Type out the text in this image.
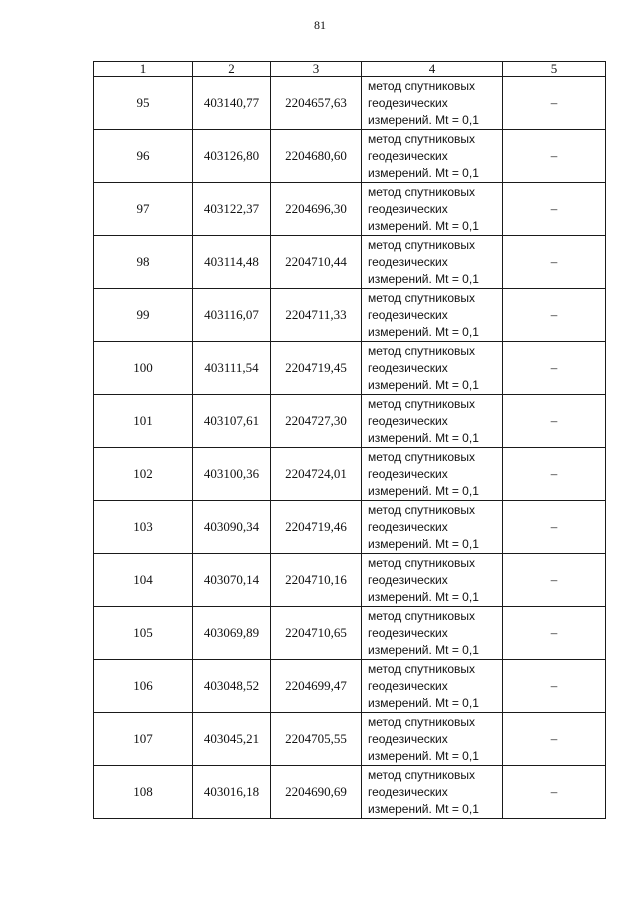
81
1	2	3	4	5
95	403140,77	2204657,63	метод спутниковых
геодезических
измерений. Mt = 0,1	–
96	403126,80	2204680,60	метод спутниковых
геодезических
измерений. Mt = 0,1	–
97	403122,37	2204696,30	метод спутниковых
геодезических
измерений. Mt = 0,1	–
98	403114,48	2204710,44	метод спутниковых
геодезических
измерений. Mt = 0,1	–
99	403116,07	2204711,33	метод спутниковых
геодезических
измерений. Mt = 0,1	–
100	403111,54	2204719,45	метод спутниковых
геодезических
измерений. Mt = 0,1	–
101	403107,61	2204727,30	метод спутниковых
геодезических
измерений. Mt = 0,1	–
102	403100,36	2204724,01	метод спутниковых
геодезических
измерений. Mt = 0,1	–
103	403090,34	2204719,46	метод спутниковых
геодезических
измерений. Mt = 0,1	–
104	403070,14	2204710,16	метод спутниковых
геодезических
измерений. Mt = 0,1	–
105	403069,89	2204710,65	метод спутниковых
геодезических
измерений. Mt = 0,1	–
106	403048,52	2204699,47	метод спутниковых
геодезических
измерений. Mt = 0,1	–
107	403045,21	2204705,55	метод спутниковых
геодезических
измерений. Mt = 0,1	–
108	403016,18	2204690,69	метод спутниковых
геодезических
измерений. Mt = 0,1	–
